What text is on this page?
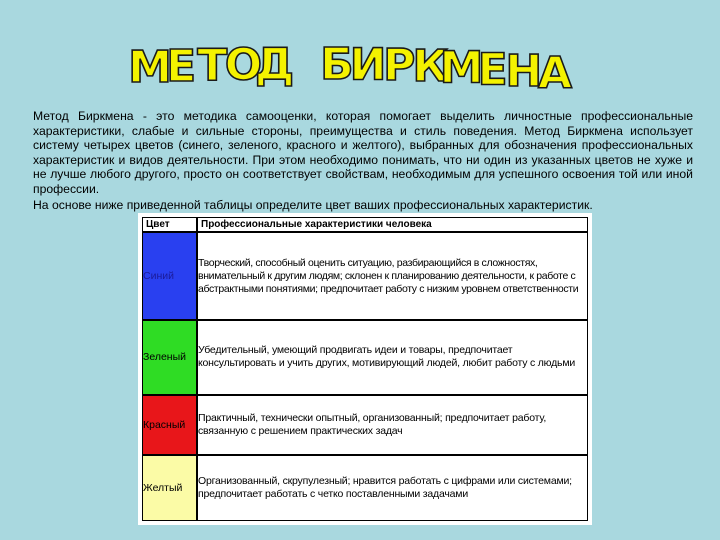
МЕТОД БИРКМЕНА

Метод Биркмена - это методика самооценки, которая помогает выделить личностные профессиональные характеристики, слабые и сильные стороны, преимущества и стиль поведения. Метод Биркмена использует систему четырех цветов (синего, зеленого, красного и желтого), выбранных для обозначения профессиональных характеристик и видов деятельности. При этом необходимо понимать, что ни один из указанных цветов не хуже и не лучше любого другого, просто он соответствует свойствам, необходимым для успешного освоения той или иной профессии.

На основе ниже приведенной таблицы определите цвет ваших профессиональных характеристик.

Цвет	Профессиональные характеристики человека
Синий	Творческий, способный оценить ситуацию, разбирающийся в сложностях, внимательный к другим людям; склонен к планированию деятельности, к работе с абстрактными понятиями; предпочитает работу с низким уровнем ответственности
Зеленый	Убедительный, умеющий продвигать идеи и товары, предпочитает консультировать и учить других, мотивирующий людей, любит работу с людьми
Красный	Практичный, технически опытный, организованный; предпочитает работу, связанную с решением практических задач
Желтый	Организованный, скрупулезный; нравится работать с цифрами или системами; предпочитает работать с четко поставленными задачами
